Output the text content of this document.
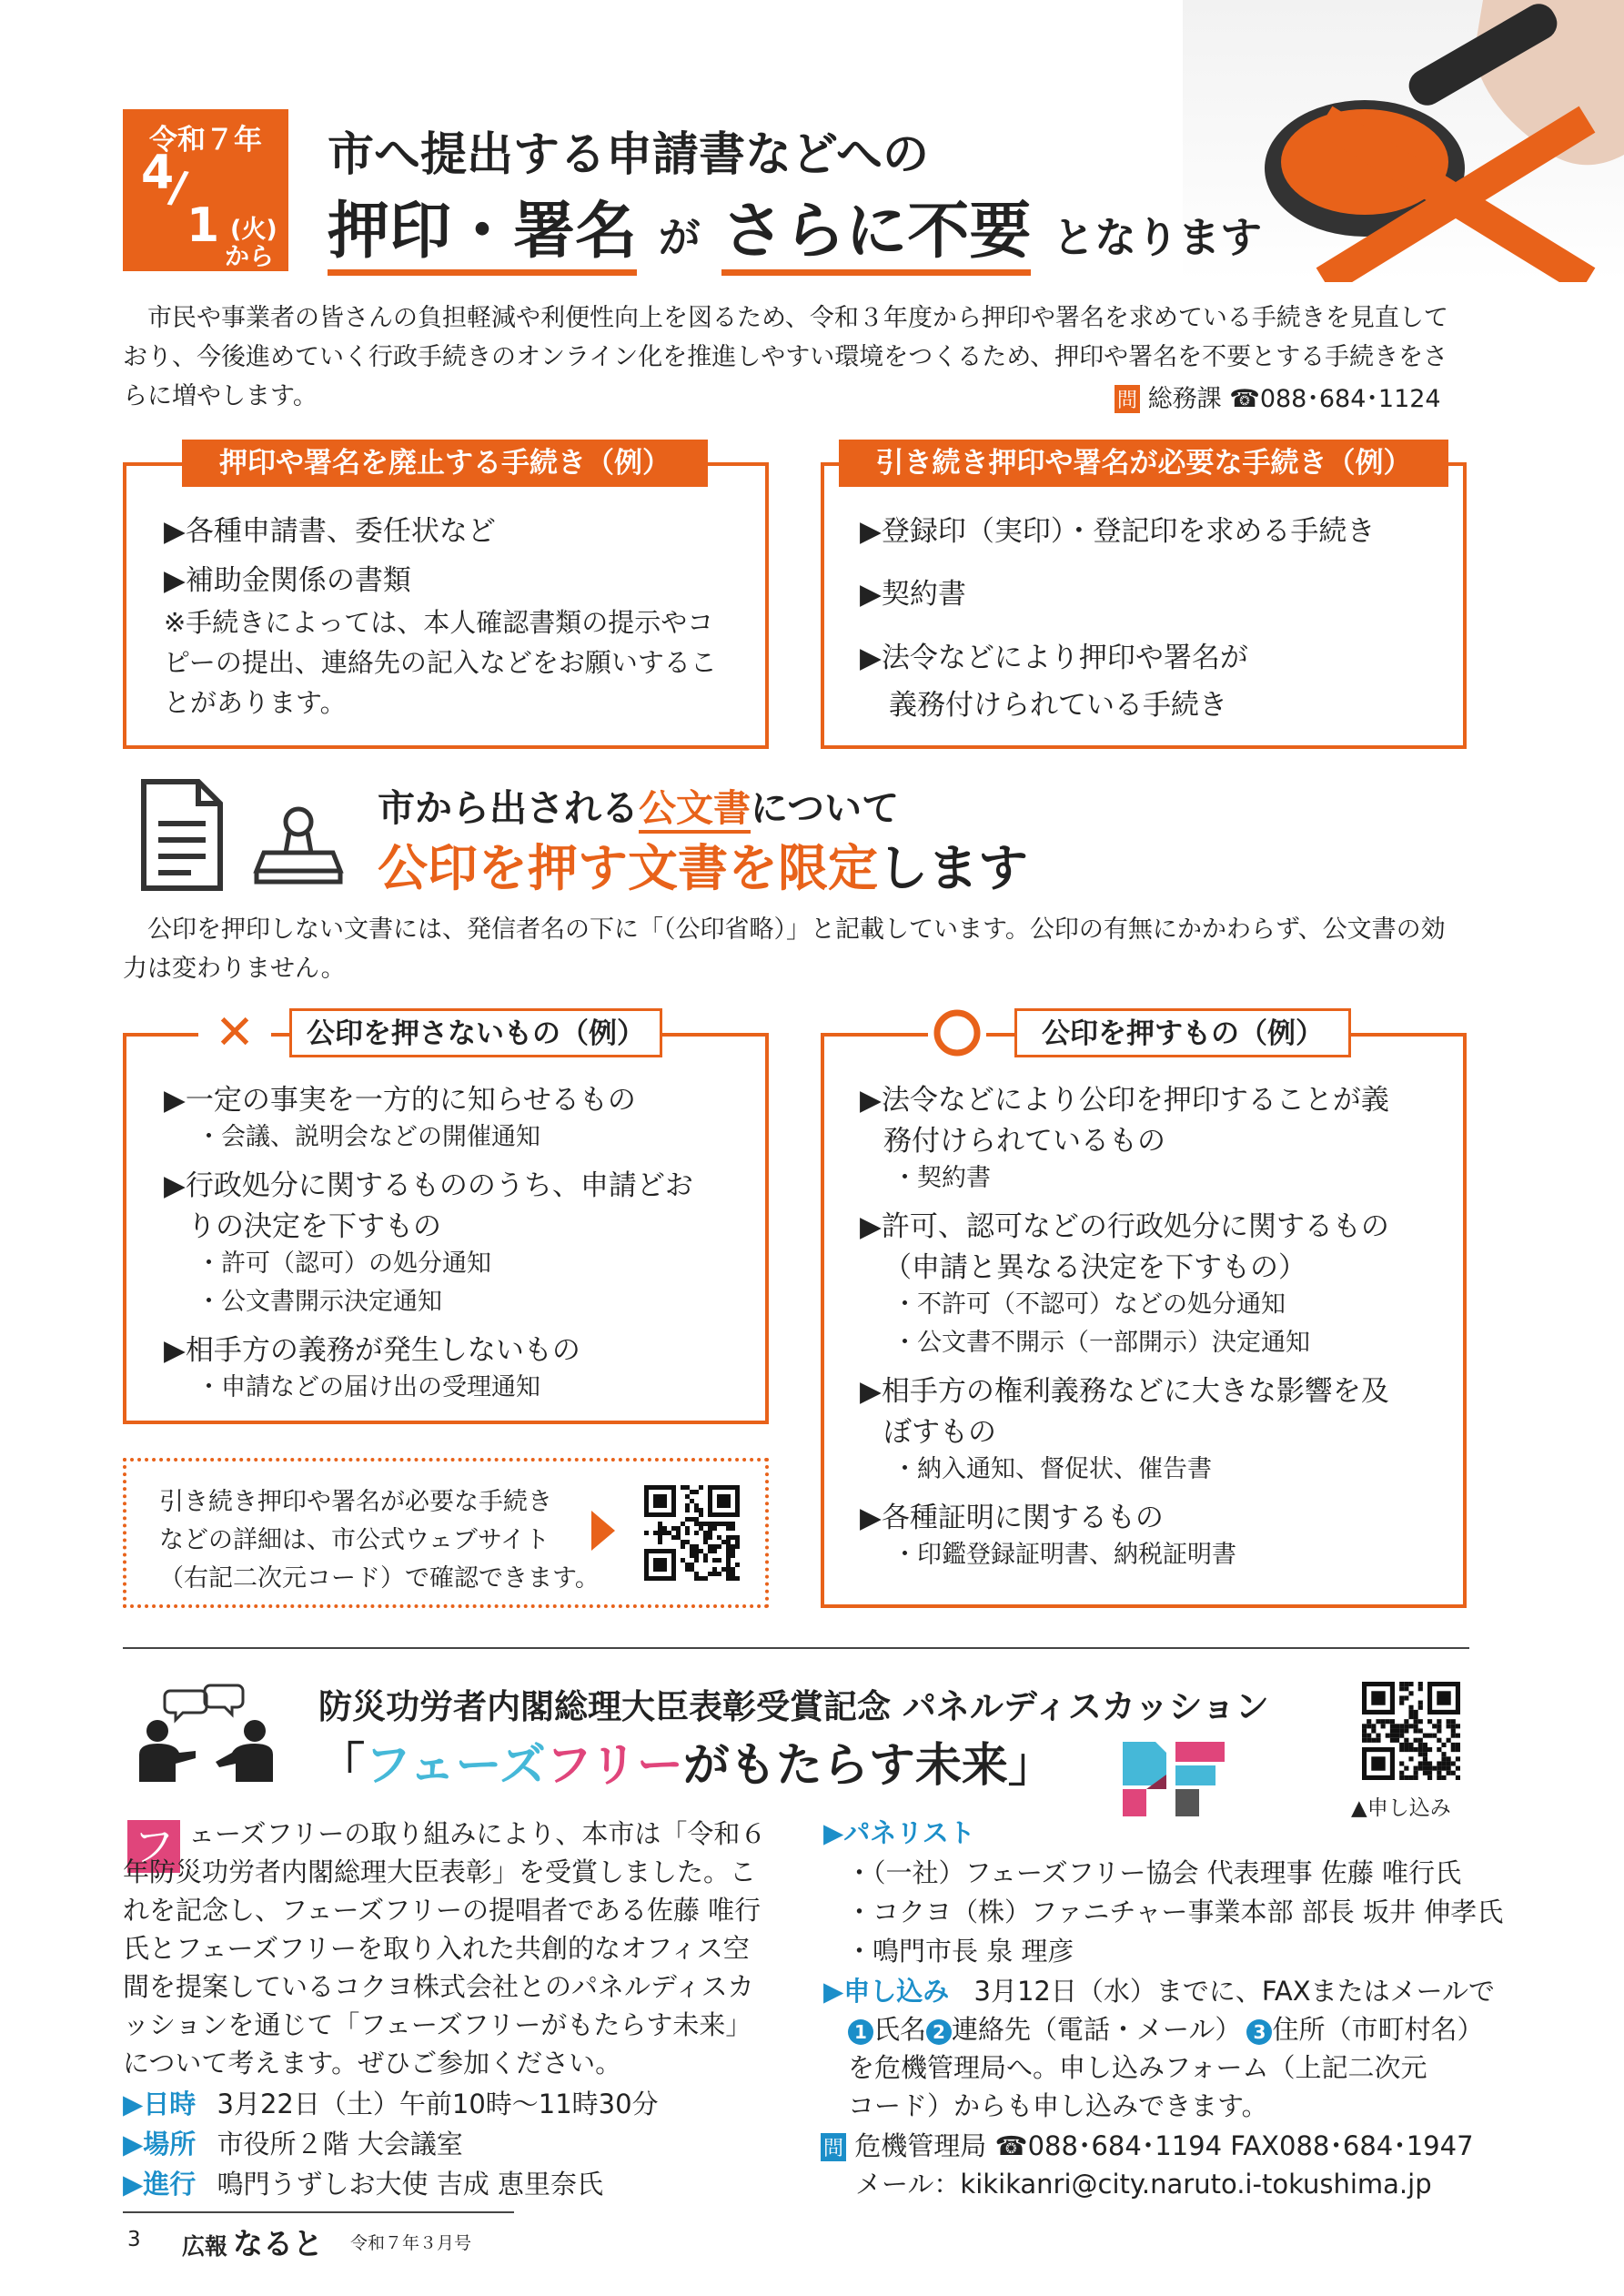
令和７年
4
/
1 (火)
から
市へ提出する申請書などへの
押印・署名 が さらに不要 となります
　市民や事業者の皆さんの負担軽減や利便性向上を図るため、令和３年度から押印や署名を求めている手続きを見直しており、今後進めていく行政手続きのオンライン化を推進しやすい環境をつくるため、押印や署名を不要とする手続きをさらに増やします。	問 総務課 ☎088･684･1124
押印や署名を廃止する手続き（例）
▶各種申請書、委任状など
▶補助金関係の書類
※手続きによっては、本人確認書類の提示やコピーの提出、連絡先の記入などをお願いすることがあります。
引き続き押印や署名が必要な手続き（例）
▶登録印（実印）・登記印を求める手続き
▶契約書
▶法令などにより押印や署名が
義務付けられている手続き
市から出される公文書について
公印を押す文書を限定します
　公印を押印しない文書には、発信者名の下に「（公印省略）」と記載しています。公印の有無にかかわらず、公文書の効力は変わりません。
✕	公印を押さないもの（例）
▶一定の事実を一方的に知らせるもの
・会議、説明会などの開催通知
▶行政処分に関するもののうち、申請どお
りの決定を下すもの
・許可（認可）の処分通知
・公文書開示決定通知
▶相手方の義務が発生しないもの
・申請などの届け出の受理通知
公印を押すもの（例）
▶法令などにより公印を押印することが義
務付けられているもの
・契約書
▶許可、認可などの行政処分に関するもの
（申請と異なる決定を下すもの）
・不許可（不認可）などの処分通知
・公文書不開示（一部開示）決定通知
▶相手方の権利義務などに大きな影響を及
ぼすもの
・納入通知、督促状、催告書
▶各種証明に関するもの
・印鑑登録証明書、納税証明書
引き続き押印や署名が必要な手続き
などの詳細は、市公式ウェブサイト
（右記二次元コード）で確認できます。
防災功労者内閣総理大臣表彰受賞記念 パネルディスカッション
「フェーズフリーがもたらす未来」
▲申し込み
フ ェーズフリーの取り組みにより、本市は「令和６年防災功労者内閣総理大臣表彰」を受賞しました。これを記念し、フェーズフリーの提唱者である佐藤 唯行氏とフェーズフリーを取り入れた共創的なオフィス空間を提案しているコクヨ株式会社とのパネルディスカッションを通じて「フェーズフリーがもたらす未来」について考えます。ぜひご参加ください。
▶日時 3月22日（土）午前10時〜11時30分
▶場所 市役所２階 大会議室
▶進行 鳴門うずしお大使 吉成 恵里奈氏
▶パネリスト
・（一社）フェーズフリー協会 代表理事 佐藤 唯行氏
・コクヨ（株）ファニチャー事業本部 部長 坂井 伸孝氏
・鳴門市長 泉 理彦
▶申し込み 3月12日（水）までに、FAXまたはメールで
1 氏名 2 連絡先（電話・メール） 3 住所（市町村名）
を危機管理局へ。申し込みフォーム（上記二次元
コード）からも申し込みできます。
問 危機管理局 ☎088･684･1194 FAX088･684･1947
メール：kikikanri@city.naruto.i-tokushima.jp
3 広報 なると 令和７年３月号
